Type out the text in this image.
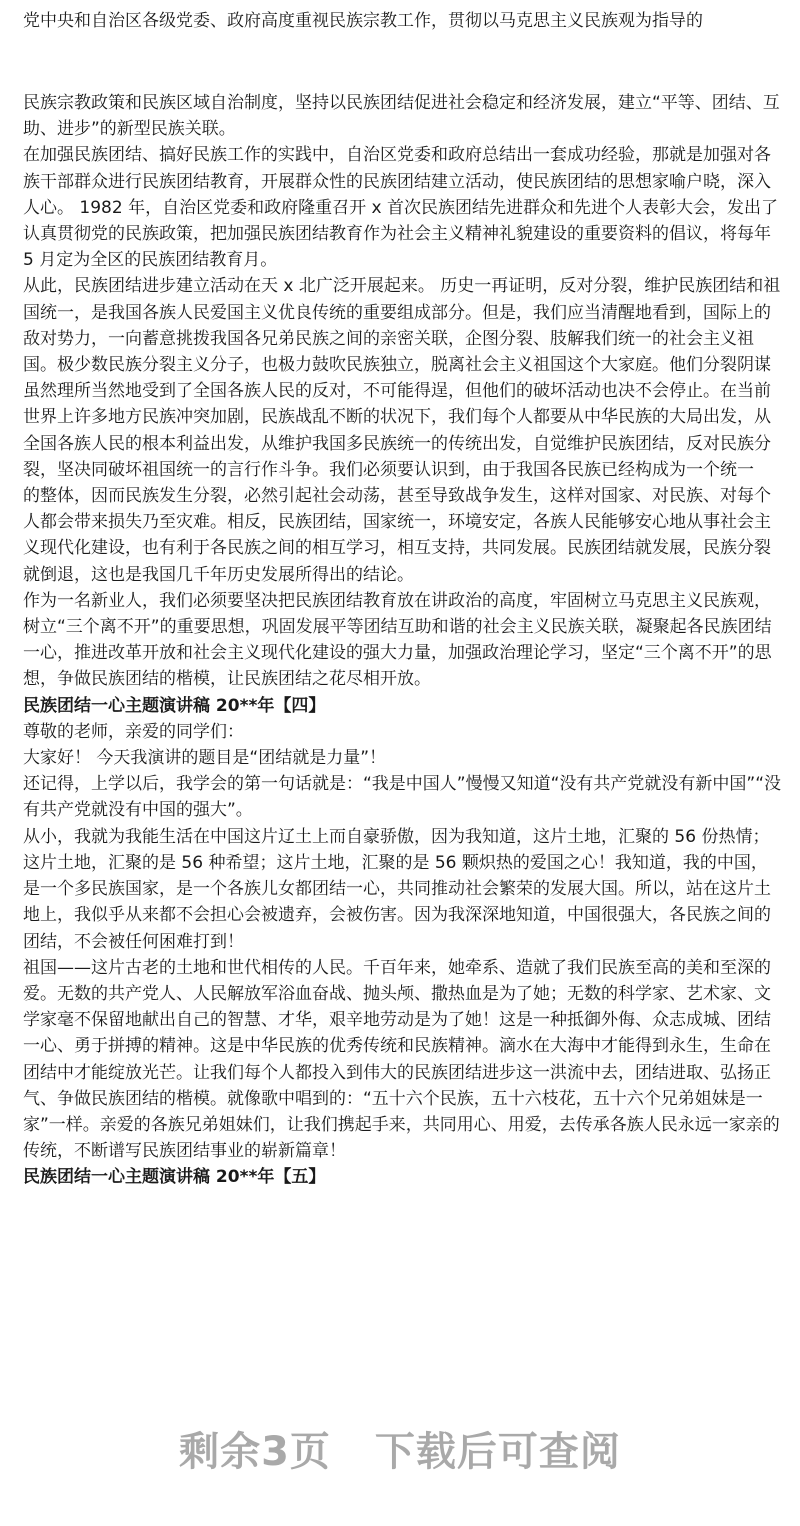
党中央和自治区各级党委、政府高度重视民族宗教工作，贯彻以马克思主义民族观为指导的

民族宗教政策和民族区域自治制度，坚持以民族团结促进社会稳定和经济发展，建立“平等、团结、互助、进步”的新型民族关联。

在加强民族团结、搞好民族工作的实践中，自治区党委和政府总结出一套成功经验，那就是加强对各族干部群众进行民族团结教育，开展群众性的民族团结建立活动，使民族团结的思想家喻户晓，深入人心。 1982 年，自治区党委和政府隆重召开 x 首次民族团结先进群众和先进个人表彰大会，发出了认真贯彻党的民族政策，把加强民族团结教育作为社会主义精神礼貌建设的重要资料的倡议，将每年 5 月定为全区的民族团结教育月。

从此，民族团结进步建立活动在天 x 北广泛开展起来。 历史一再证明，反对分裂，维护民族团结和祖国统一，是我国各族人民爱国主义优良传统的重要组成部分。但是，我们应当清醒地看到，国际上的敌对势力，一向蓄意挑拨我国各兄弟民族之间的亲密关联，企图分裂、肢解我们统一的社会主义祖国。极少数民族分裂主义分子，也极力鼓吹民族独立，脱离社会主义祖国这个大家庭。他们分裂阴谋虽然理所当然地受到了全国各族人民的反对，不可能得逞，但他们的破坏活动也决不会停止。在当前世界上许多地方民族冲突加剧，民族战乱不断的状况下，我们每个人都要从中华民族的大局出发，从全国各族人民的根本利益出发，从维护我国多民族统一的传统出发，自觉维护民族团结，反对民族分裂，坚决同破坏祖国统一的言行作斗争。我们必须要认识到，由于我国各民族已经构成为一个统一

的整体，因而民族发生分裂，必然引起社会动荡，甚至导致战争发生，这样对国家、对民族、对每个人都会带来损失乃至灾难。相反，民族团结，国家统一，环境安定，各族人民能够安心地从事社会主义现代化建设，也有利于各民族之间的相互学习，相互支持，共同发展。民族团结就发展，民族分裂就倒退，这也是我国几千年历史发展所得出的结论。

作为一名新业人，我们必须要坚决把民族团结教育放在讲政治的高度，牢固树立马克思主义民族观，树立“三个离不开”的重要思想，巩固发展平等团结互助和谐的社会主义民族关联，凝聚起各民族团结一心，推进改革开放和社会主义现代化建设的强大力量，加强政治理论学习，坚定“三个离不开”的思想，争做民族团结的楷模，让民族团结之花尽相开放。

民族团结一心主题演讲稿 20**年【四】

尊敬的老师，亲爱的同学们：

大家好！ 今天我演讲的题目是“团结就是力量”！

还记得，上学以后，我学会的第一句话就是：“我是中国人”慢慢又知道“没有共产党就没有新中国”“没有共产党就没有中国的强大”。

从小，我就为我能生活在中国这片辽土上而自豪骄傲，因为我知道，这片土地，汇聚的 56 份热情；这片土地，汇聚的是 56 种希望；这片土地，汇聚的是 56 颗炽热的爱国之心！我知道，我的中国，是一个多民族国家，是一个各族儿女都团结一心，共同推动社会繁荣的发展大国。所以，站在这片土地上，我似乎从来都不会担心会被遗弃，会被伤害。因为我深深地知道，中国很强大，各民族之间的团结，不会被任何困难打到！

祖国——这片古老的土地和世代相传的人民。千百年来，她牵系、造就了我们民族至高的美和至深的爱。无数的共产党人、人民解放军浴血奋战、抛头颅、撒热血是为了她；无数的科学家、艺术家、文学家毫不保留地献出自己的智慧、才华，艰辛地劳动是为了她！这是一种抵御外侮、众志成城、团结一心、勇于拼搏的精神。这是中华民族的优秀传统和民族精神。滴水在大海中才能得到永生，生命在团结中才能绽放光芒。让我们每个人都投入到伟大的民族团结进步这一洪流中去，团结进取、弘扬正气、争做民族团结的楷模。就像歌中唱到的：“五十六个民族，五十六枝花，五十六个兄弟姐妹是一家”一样。亲爱的各族兄弟姐妹们，让我们携起手来，共同用心、用爱，去传承各族人民永远一家亲的传统，不断谱写民族团结事业的崭新篇章！

民族团结一心主题演讲稿 20**年【五】

剩余3页 下载后可查阅
